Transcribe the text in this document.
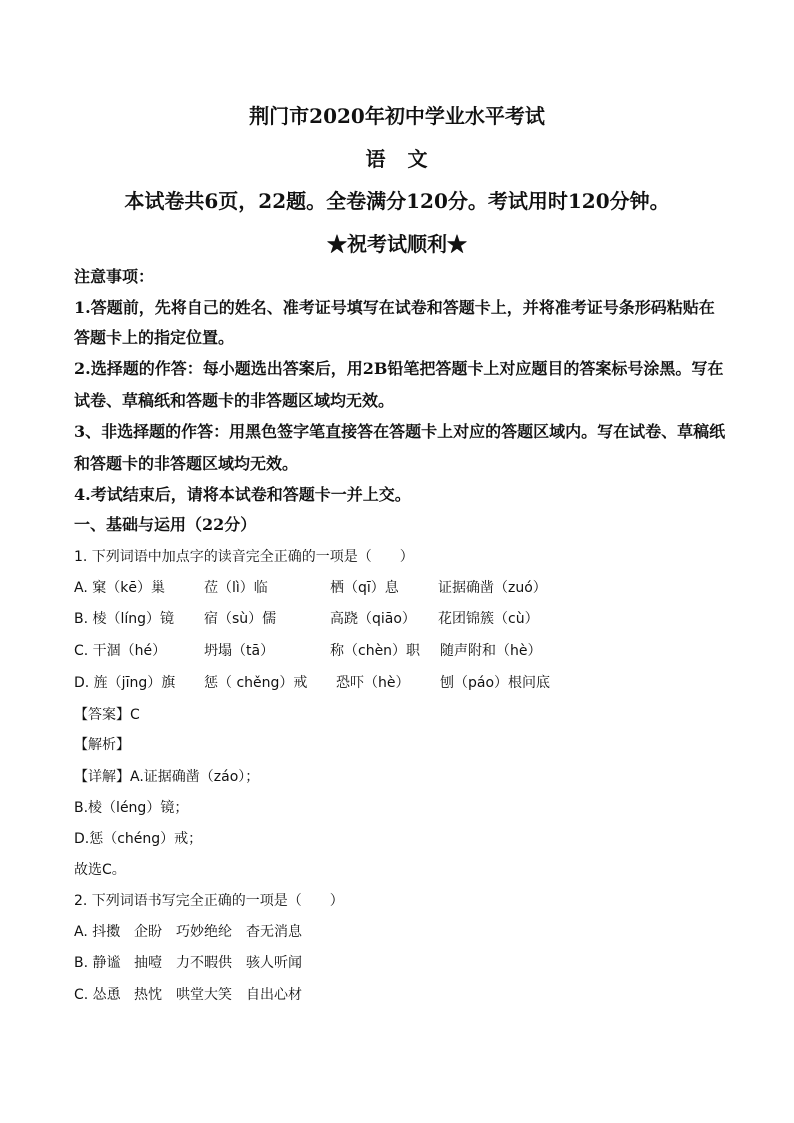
荆门市2020年初中学业水平考试
语　文
本试卷共6页，22题。全卷满分120分。考试用时120分钟。
★祝考试顺利★
注意事项：
1.答题前，先将自己的姓名、准考证号填写在试卷和答题卡上，并将准考证号条形码粘贴在
答题卡上的指定位置。
2.选择题的作答：每小题选出答案后，用2B铅笔把答题卡上对应题目的答案标号涂黑。写在
试卷、草稿纸和答题卡的非答题区域均无效。
3、非选择题的作答：用黑色签字笔直接答在答题卡上对应的答题区域内。写在试卷、草稿纸
和答题卡的非答题区域均无效。
4.考试结束后，请将本试卷和答题卡一并上交。
一、基础与运用（22分）
1. 下列词语中加点字的读音完全正确的一项是（　　）
A. 窠（kē）巢	莅（lì）临	栖（qī）息	证据确凿（zuó）
B. 棱（líng）镜 宿（sù）儒	高跷（qiāo） 花团锦簇（cù）
C. 干涸（hé）	坍塌（tā）	称（chèn）职 随声附和（hè）
D. 旌（jīng）旗 惩（ chěng）戒 恐吓（hè） 刨（páo）根问底
【答案】C
【解析】
【详解】A.证据确凿（záo）；
B.棱（léng）镜；
D.惩（chéng）戒；
故选C。
2. 下列词语书写完全正确的一项是（　　）
A. 抖擞 企盼 巧妙绝纶 杳无消息
B. 静谧 抽噎 力不暇供 骇人听闻
C. 怂恿 热忱 哄堂大笑 自出心材
